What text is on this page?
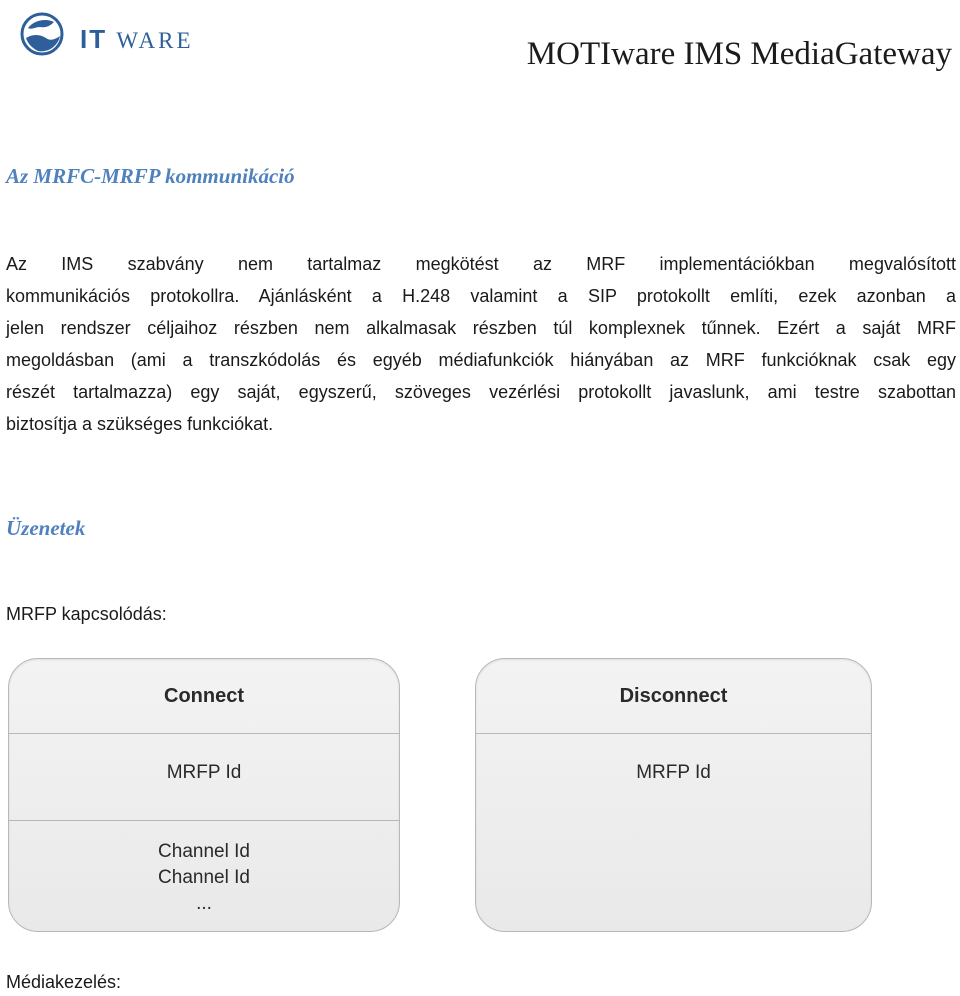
IT WARE	MOTIware IMS MediaGateway
Az MRFC-MRFP kommunikáció
Az IMS szabvány nem tartalmaz megkötést az MRF implementációkban megvalósított
kommunikációs protokollra. Ajánlásként a H.248 valamint a SIP protokollt említi, ezek azonban a
jelen rendszer céljaihoz részben nem alkalmasak részben túl komplexnek tűnnek. Ezért a saját MRF
megoldásban (ami a transzkódolás és egyéb médiafunkciók hiányában az MRF funkcióknak csak egy
részét tartalmazza) egy saját, egyszerű, szöveges vezérlési protokollt javaslunk, ami testre szabottan
biztosítja a szükséges funkciókat.
Üzenetek
MRFP kapcsolódás:
Connect
MRFP Id
Channel Id
Channel Id
...
Disconnect
MRFP Id
Médiakezelés:
